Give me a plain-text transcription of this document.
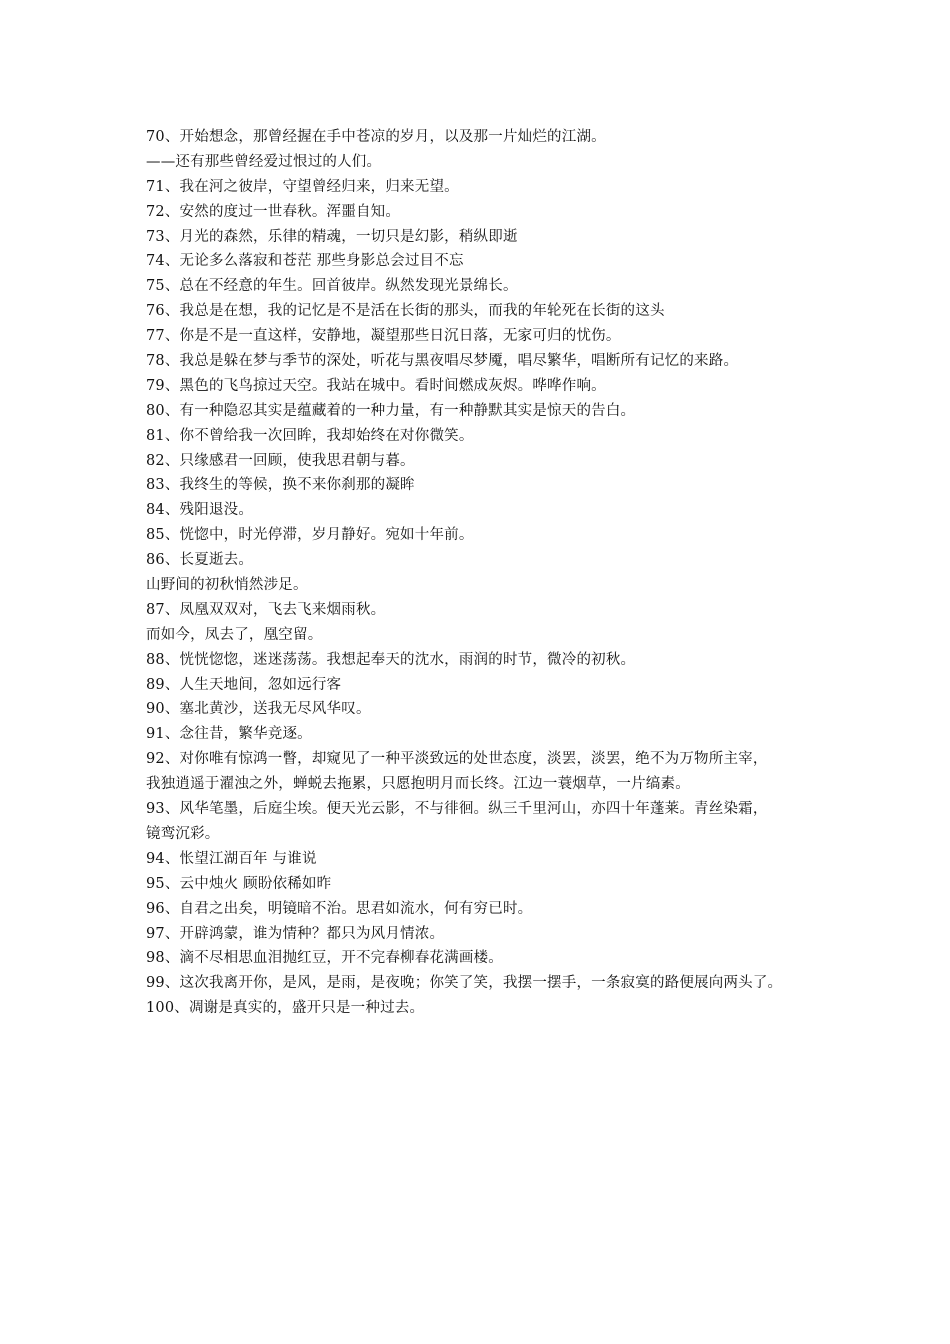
70、开始想念，那曾经握在手中苍凉的岁月，以及那一片灿烂的江湖。
——还有那些曾经爱过恨过的人们。
71、我在河之彼岸，守望曾经归来，归来无望。
72、安然的度过一世春秋。浑噩自知。
73、月光的森然，乐律的精魂，一切只是幻影，稍纵即逝
74、无论多么落寂和苍茫 那些身影总会过目不忘
75、总在不经意的年生。回首彼岸。纵然发现光景绵长。
76、我总是在想，我的记忆是不是活在长街的那头，而我的年轮死在长街的这头
77、你是不是一直这样，安静地，凝望那些日沉日落，无家可归的忧伤。
78、我总是躲在梦与季节的深处，听花与黑夜唱尽梦魇，唱尽繁华，唱断所有记忆的来路。
79、黑色的飞鸟掠过天空。我站在城中。看时间燃成灰烬。哗哗作响。
80、有一种隐忍其实是蕴藏着的一种力量，有一种静默其实是惊天的告白。
81、你不曾给我一次回眸，我却始终在对你微笑。
82、只缘感君一回顾，使我思君朝与暮。
83、我终生的等候，换不来你刹那的凝眸
84、残阳退没。
85、恍惚中，时光停滞，岁月静好。宛如十年前。
86、长夏逝去。
山野间的初秋悄然涉足。
87、凤凰双双对，飞去飞来烟雨秋。
而如今，凤去了，凰空留。
88、恍恍惚惚，迷迷荡荡。我想起奉天的沈水，雨润的时节，微冷的初秋。
89、人生天地间，忽如远行客
90、塞北黄沙，送我无尽风华叹。
91、念往昔，繁华竞逐。
92、对你唯有惊鸿一瞥，却窥见了一种平淡致远的处世态度，淡罢，淡罢，绝不为万物所主宰，
我独逍遥于濯浊之外，蝉蜕去拖累，只愿抱明月而长终。江边一蓑烟草，一片缟素。
93、风华笔墨，后庭尘埃。便天光云影，不与徘徊。纵三千里河山，亦四十年蓬莱。青丝染霜，
镜鸾沉彩。
94、怅望江湖百年 与谁说
95、云中烛火 顾盼依稀如昨
96、自君之出矣，明镜暗不治。思君如流水，何有穷已时。
97、开辟鸿蒙，谁为情种？都只为风月情浓。
98、滴不尽相思血泪抛红豆，开不完春柳春花满画楼。
99、这次我离开你，是风，是雨，是夜晚；你笑了笑，我摆一摆手，一条寂寞的路便展向两头了。
100、凋谢是真实的，盛开只是一种过去。
